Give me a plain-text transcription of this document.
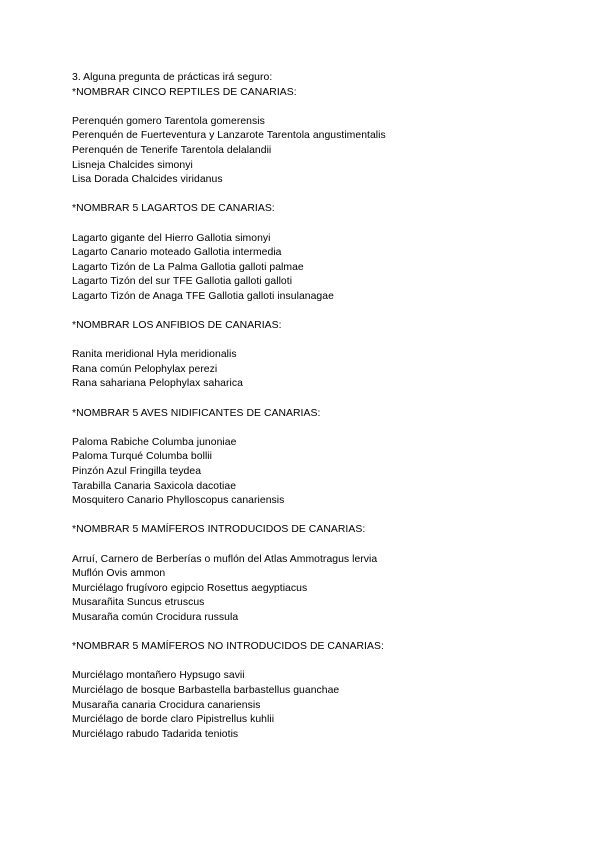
3. Alguna pregunta de prácticas irá seguro:

*NOMBRAR CINCO REPTILES DE CANARIAS:

Perenquén gomero Tarentola gomerensis

Perenquén de Fuerteventura y Lanzarote Tarentola angustimentalis

Perenquén de Tenerife Tarentola delalandii

Lisneja Chalcides simonyi

Lisa Dorada Chalcides viridanus

*NOMBRAR 5 LAGARTOS DE CANARIAS:

Lagarto gigante del Hierro Gallotia simonyi

Lagarto Canario moteado Gallotia intermedia

Lagarto Tizón de La Palma Gallotia galloti palmae

Lagarto Tizón del sur TFE Gallotia galloti galloti

Lagarto Tizón de Anaga TFE Gallotia galloti insulanagae

*NOMBRAR LOS ANFIBIOS DE CANARIAS:

Ranita meridional Hyla meridionalis

Rana común Pelophylax perezi

Rana sahariana Pelophylax saharica

*NOMBRAR 5 AVES NIDIFICANTES DE CANARIAS:

Paloma Rabiche Columba junoniae

Paloma Turqué Columba bollii

Pinzón Azul Fringilla teydea

Tarabilla Canaria Saxicola dacotiae

Mosquitero Canario Phylloscopus canariensis

*NOMBRAR 5 MAMÍFEROS INTRODUCIDOS DE CANARIAS:

Arruí, Carnero de Berberías o muflón del Atlas Ammotragus lervia

Muflón Ovis ammon

Murciélago frugívoro egipcio Rosettus aegyptiacus

Musarañita Suncus etruscus

Musaraña común Crocidura russula

*NOMBRAR 5 MAMÍFEROS NO INTRODUCIDOS DE CANARIAS:

Murciélago montañero Hypsugo savii

Murciélago de bosque Barbastella barbastellus guanchae

Musaraña canaria Crocidura canariensis

Murciélago de borde claro Pipistrellus kuhlii

Murciélago rabudo Tadarida teniotis
